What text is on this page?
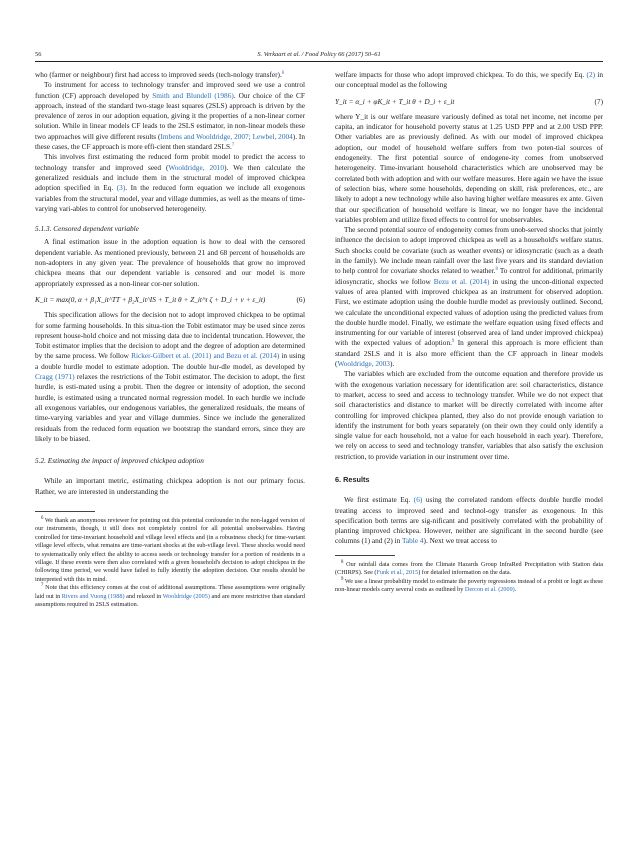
56	S. Verkaart et al. / Food Policy 66 (2017) 50–61

who (farmer or neighbour) first had access to improved seeds (tech-nology transfer).$^6$

To instrument for access to technology transfer and improved seed we use a control function (CF) approach developed by Smith and Blundell (1986). Our choice of the CF approach, instead of the standard two-stage least squares (2SLS) approach is driven by the prevalence of zeros in our adoption equation, giving it the properties of a non-linear corner solution. While in linear models CF leads to the 2SLS estimator, in non-linear models these two approaches will give different results (Imbens and Wooldridge, 2007; Lewbel, 2004). In these cases, the CF approach is more effi-cient then standard 2SLS.$^7$

This involves first estimating the reduced form probit model to predict the access to technology transfer and improved seed (Wooldridge, 2010). We then calculate the generalized residuals and include them in the structural model of improved chickpea adoption specified in Eq. (3). In the reduced form equation we include all exogenous variables from the structural model, year and village dummies, as well as the means of time-varying vari-ables to control for unobserved heterogeneity.

5.1.3. Censored dependent variable

A final estimation issue in the adoption equation is how to deal with the censored dependent variable. As mentioned previously, between 21 and 68 percent of households are non-adopters in any given year. The prevalence of households that grow no improved chickpea means that our dependent variable is censored and our model is more appropriately expressed as a non-linear cor-ner solution.

K_it = max(0, α + β₁X_it^TT + β₂X_it^IS + T_it θ + Z_it^τ ζ + D_i + ν + ε_it)	(6)

This specification allows for the decision not to adopt improved chickpea to be optimal for some farming households. In this situa-tion the Tobit estimator may be used since zeros represent house-hold choice and not missing data due to incidental truncation. However, the Tobit estimator implies that the decision to adopt and the degree of adoption are determined by the same process. We follow Ricker-Gilbert et al. (2011) and Bezu et al. (2014) in using a double hurdle model to estimate adoption. The double hur-dle model, as developed by Cragg (1971) relaxes the restrictions of the Tobit estimator. The decision to adopt, the first hurdle, is esti-mated using a probit. Then the degree or intensity of adoption, the second hurdle, is estimated using a truncated normal regression model. In each hurdle we include all exogenous variables, our endogenous variables, the generalized residuals, the means of time-varying variables and year and village dummies. Since we include the generalized residuals from the reduced form equation we bootstrap the standard errors, since they are likely to be biased.

5.2. Estimating the impact of improved chickpea adoption

While an important metric, estimating chickpea adoption is not our primary focus. Rather, we are interested in understanding the

$^6$ We thank an anonymous reviewer for pointing out this potential confounder in the non-lagged version of our instruments, though, it still does not completely control for all potential unobservables. Having controlled for time-invariant household and village level effects and (in a robustness check) for time-variant village level effects, what remains are time-variant shocks at the sub-village level. These shocks would need to systematically only effect the ability to access seeds or technology transfer for a portion of residents in a village. If these events were then also correlated with a given household's decision to adopt chickpea in the following time period, we would have failed to fully identify the adoption decision. Our results should be interpreted with this in mind.

$^7$ Note that this efficiency comes at the cost of additional assumptions. These assumptions were originally laid out in Rivers and Vuong (1988) and relaxed in Wooldridge (2005) and are more restrictive than standard assumptions required in 2SLS estimation.

welfare impacts for those who adopt improved chickpea. To do this, we specify Eq. (2) in our conceptual model as the following

Y_it = α_i + φK_it + T_it θ + D_i + ε_it	(7)

where Y_it is our welfare measure variously defined as total net income, net income per capita, an indicator for household poverty status at 1.25 USD PPP and at 2.00 USD PPP. Other variables are as previously defined. As with our model of improved chickpea adoption, our model of household welfare suffers from two poten-tial sources of endogeneity. The first potential source of endogene-ity comes from unobserved heterogeneity. Time-invariant household characteristics which are unobserved may be correlated both with adoption and with our welfare measures. Here again we have the issue of selection bias, where some households, depending on skill, risk preferences, etc., are likely to adopt a new technology while also having higher welfare measures ex ante. Given that our specification of household welfare is linear, we no longer have the incidental variables problem and utilize fixed effects to control for unobservables.

The second potential source of endogeneity comes from unob-served shocks that jointly influence the decision to adopt improved chickpea as well as a household's welfare status. Such shocks could be covariate (such as weather events) or idiosyncratic (such as a death in the family). We include mean rainfall over the last five years and its standard deviation to help control for covariate shocks related to weather.$^8$ To control for additional, primarily idiosyncratic, shocks we follow Bezu et al. (2014) in using the uncon-ditional expected values of area planted with improved chickpea as an instrument for observed adoption. First, we estimate adoption using the double hurdle model as previously outlined. Second, we calculate the unconditional expected values of adoption using the predicted values from the double hurdle model. Finally, we estimate the welfare equation using fixed effects and instrumenting for our variable of interest (observed area of land under improved chickpea) with the expected values of adoption.$^9$ In general this approach is more efficient than standard 2SLS and it is also more efficient than the CF approach in linear models (Wooldridge, 2003).

The variables which are excluded from the outcome equation and therefore provide us with the exogenous variation necessary for identification are: soil characteristics, distance to market, access to seed and access to technology transfer. While we do not expect that soil characteristics and distance to market will be directly correlated with income after controlling for improved chickpea planted, they also do not provide enough variation to identify the instrument for both years separately (on their own they could only identify a single value for each household, not a value for each household in each year). Therefore, we rely on access to seed and technology transfer, variables that also satisfy the exclusion restriction, to provide variation in our instrument over time.

6. Results

We first estimate Eq. (6) using the correlated random effects double hurdle model treating access to improved seed and technol-ogy transfer as exogenous. In this specification both terms are sig-nificant and positively correlated with the probability of planting improved chickpea. However, neither are significant in the second hurdle (see columns (1) and (2) in Table 4). Next we treat access to

$^8$ Our rainfall data comes from the Climate Hazards Group InfraRed Precipitation with Station data (CHIRPS). See (Funk et al., 2015) for detailed information on the data.

$^9$ We use a linear probability model to estimate the poverty regressions instead of a probit or logit as these non-linear models carry several costs as outlined by Dercon et al. (2009).
